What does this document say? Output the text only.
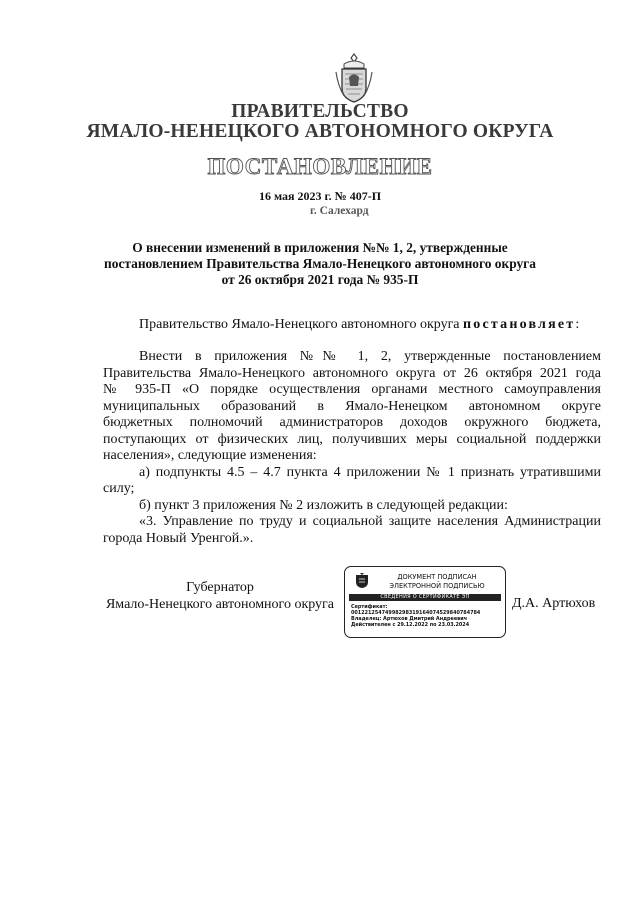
ПРАВИТЕЛЬСТВО
ЯМАЛО-НЕНЕЦКОГО АВТОНОМНОГО ОКРУГА
ПОСТАНОВЛЕНИЕ
16 мая 2023 г. № 407-П
г. Салехард
О внесении изменений в приложения №№ 1, 2, утвержденные
постановлением Правительства Ямало-Ненецкого автономного округа
от 26 октября 2021 года № 935-П
Правительство Ямало-Ненецкого автономного округа постановляет:
Внести в приложения №№ 1, 2, утвержденные постановлением
Правительства Ямало-Ненецкого автономного округа от 26 октября 2021 года
№ 935-П «О порядке осуществления органами местного самоуправления
муниципальных образований в Ямало-Ненецком автономном округе
бюджетных полномочий администраторов доходов окружного бюджета,
поступающих от физических лиц, получивших меры социальной поддержки
населения», следующие изменения:
а) подпункты 4.5 – 4.7 пункта 4 приложении № 1 признать утратившими
силу;
б) пункт 3 приложения № 2 изложить в следующей редакции:
«3. Управление по труду и социальной защите населения Администрации
города Новый Уренгой.».
Губернатор
Ямало-Ненецкого автономного округа	Д.А. Артюхов
ДОКУМЕНТ ПОДПИСАН
ЭЛЕКТРОННОЙ ПОДПИСЬЮ
СВЕДЕНИЯ О СЕРТИФИКАТЕ ЭП
Сертификат:
00122125474998298319164074529840784784
Владелец: Артюхов Дмитрий Андреевич
Действителен с 29.12.2022 по 23.03.2024
